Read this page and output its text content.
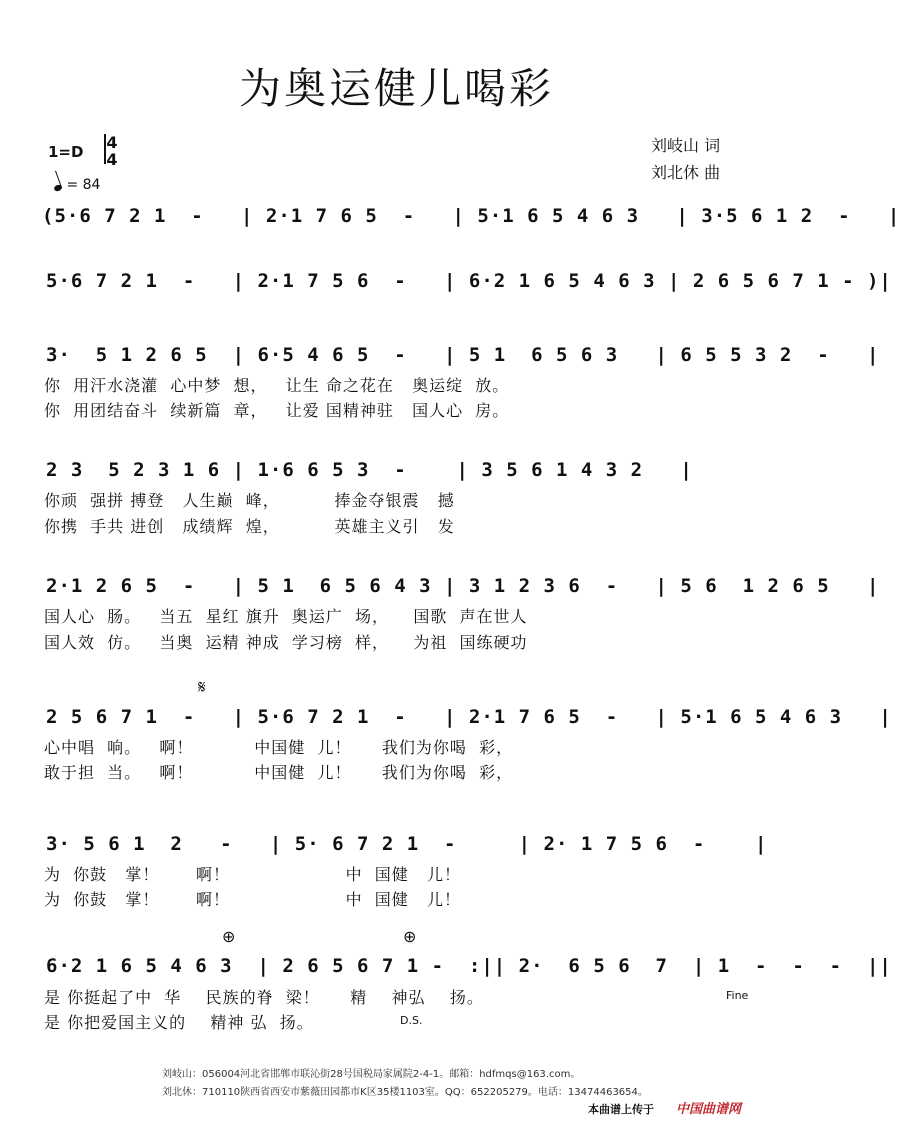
为奥运健儿喝彩
1=D 4
4
= 84
刘岐山 词
刘北休 曲
(5·6 7 2 1  -   | 2·1 7 6 5  -   | 5·1 6 5 4 6 3   | 3·5 6 1 2  -   |
5·6 7 2 1  -   | 2·1 7 5 6  -   | 6·2 1 6 5 4 6 3 | 2 6 5 6 7 1 - )|
3·  5 1 2 6 5  | 6·5 4 6 5  -   | 5 1  6 5 6 3   | 6 5 5 3 2  -   |
你  用汗水浇灌  心中梦  想，   让生 命之花在   奥运绽  放。
你  用团结奋斗  续新篇  章，   让爱 国精神驻   国人心  房。
2 3  5 2 3 1 6 | 1·6 6 5 3  -    | 3 5 6 1 4 3 2   |
你顽  强拼 搏登   人生巅  峰，         捧金夺银震   撼
你携  手共 进创   成绩辉  煌，         英雄主义引   发
2·1 2 6 5  -   | 5 1  6 5 6 4 3 | 3 1 2 3 6  -   | 5 6  1 2 6 5   |
国人心  肠。   当五  星红 旗升  奥运广  场，    国歌  声在世人
国人效  仿。   当奥  运精 神成  学习榜  样，    为祖  国练硬功
𝄋
2 5 6 7 1  -   | 5·6 7 2 1  -   | 2·1 7 6 5  -   | 5·1 6 5 4 6 3   |
心中唱  响。   啊！          中国健  儿！     我们为你喝  彩，
敢于担  当。   啊！          中国健  儿！     我们为你喝  彩，
3· 5 6 1  2   -   | 5· 6 7 2 1  -     | 2· 1 7 5 6  -    |
为  你鼓   掌！      啊！                   中  国健   儿！
为  你鼓   掌！      啊！                   中  国健   儿！
⊕	⊕
6·2 1 6 5 4 6 3  | 2 6 5 6 7 1 -  :|| 2·  6 5 6  7  | 1  -  -  -  ||
是 你挺起了中  华    民族的脊  梁！     精    神弘    扬。
是 你把爱国主义的    精神 弘  扬。
Fine
D.S.
刘岐山：056004河北省邯郸市联沁街28号国税局家属院2-4-1。邮箱：hdfmqs@163.com。
刘北休：710110陕西省西安市紫薇田园都市K区35楼1103室。QQ：652205279。电话：13474463654。
本曲谱上传于 中国曲谱网
